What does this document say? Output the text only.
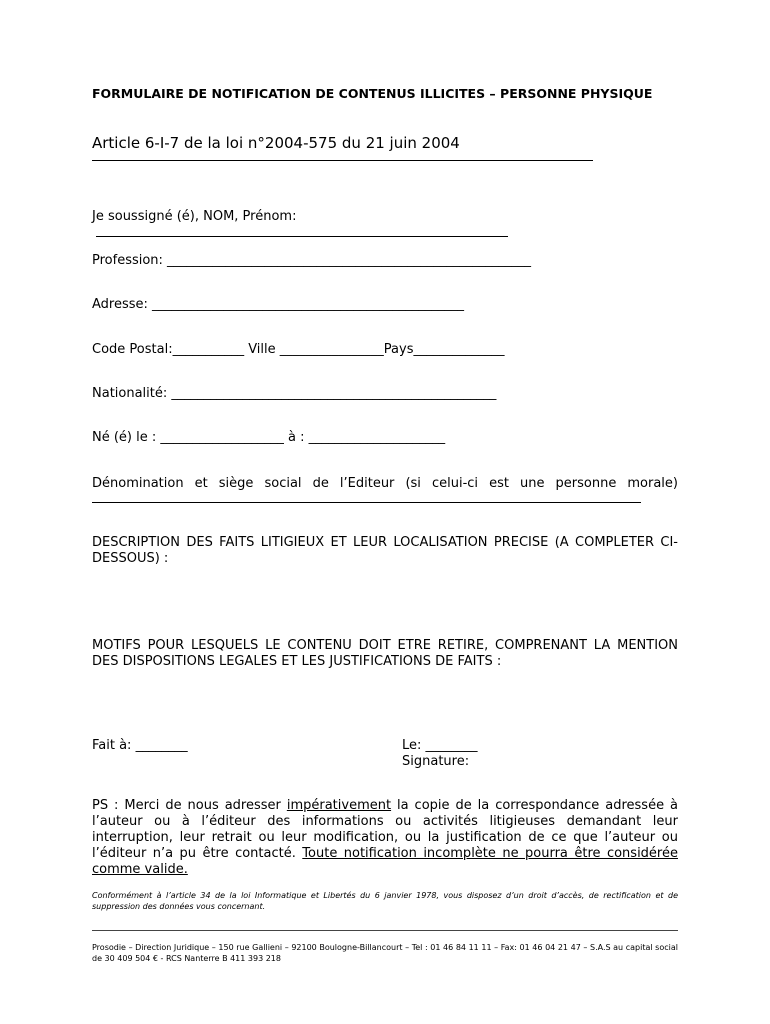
FORMULAIRE DE NOTIFICATION DE CONTENUS ILLICITES – PERSONNE PHYSIQUE
Article 6-I-7 de la loi n°2004-575 du 21 juin 2004
Je soussigné (é), NOM, Prénom:
Profession: ________________________________________________________
Adresse: ________________________________________________
Code Postal:___________ Ville ________________Pays______________
Nationalité: __________________________________________________
Né (é) le : ___________________ à : _____________________
Dénomination et siège social de l’Editeur (si celui-ci est une personne morale)
DESCRIPTION DES FAITS LITIGIEUX ET LEUR LOCALISATION PRECISE (A COMPLETER CI-DESSOUS) :
MOTIFS POUR LESQUELS LE CONTENU DOIT ETRE RETIRE, COMPRENANT LA MENTION DES DISPOSITIONS LEGALES ET LES JUSTIFICATIONS DE FAITS :
Fait à: ________	Le: ________
Signature:
PS : Merci de nous adresser impérativement la copie de la correspondance adressée à l’auteur ou à l’éditeur des informations ou activités litigieuses demandant leur interruption, leur retrait ou leur modification, ou la justification de ce que l’auteur ou l’éditeur n’a pu être contacté. Toute notification incomplète ne pourra être considérée comme valide.
Conformément à l’article 34 de la loi Informatique et Libertés du 6 janvier 1978, vous disposez d’un droit d’accès, de rectification et de suppression des données vous concernant.
Prosodie – Direction Juridique – 150 rue Gallieni – 92100 Boulogne-Billancourt – Tel : 01 46 84 11 11 – Fax: 01 46 04 21 47 – S.A.S au capital social de 30 409 504 € - RCS Nanterre B 411 393 218
